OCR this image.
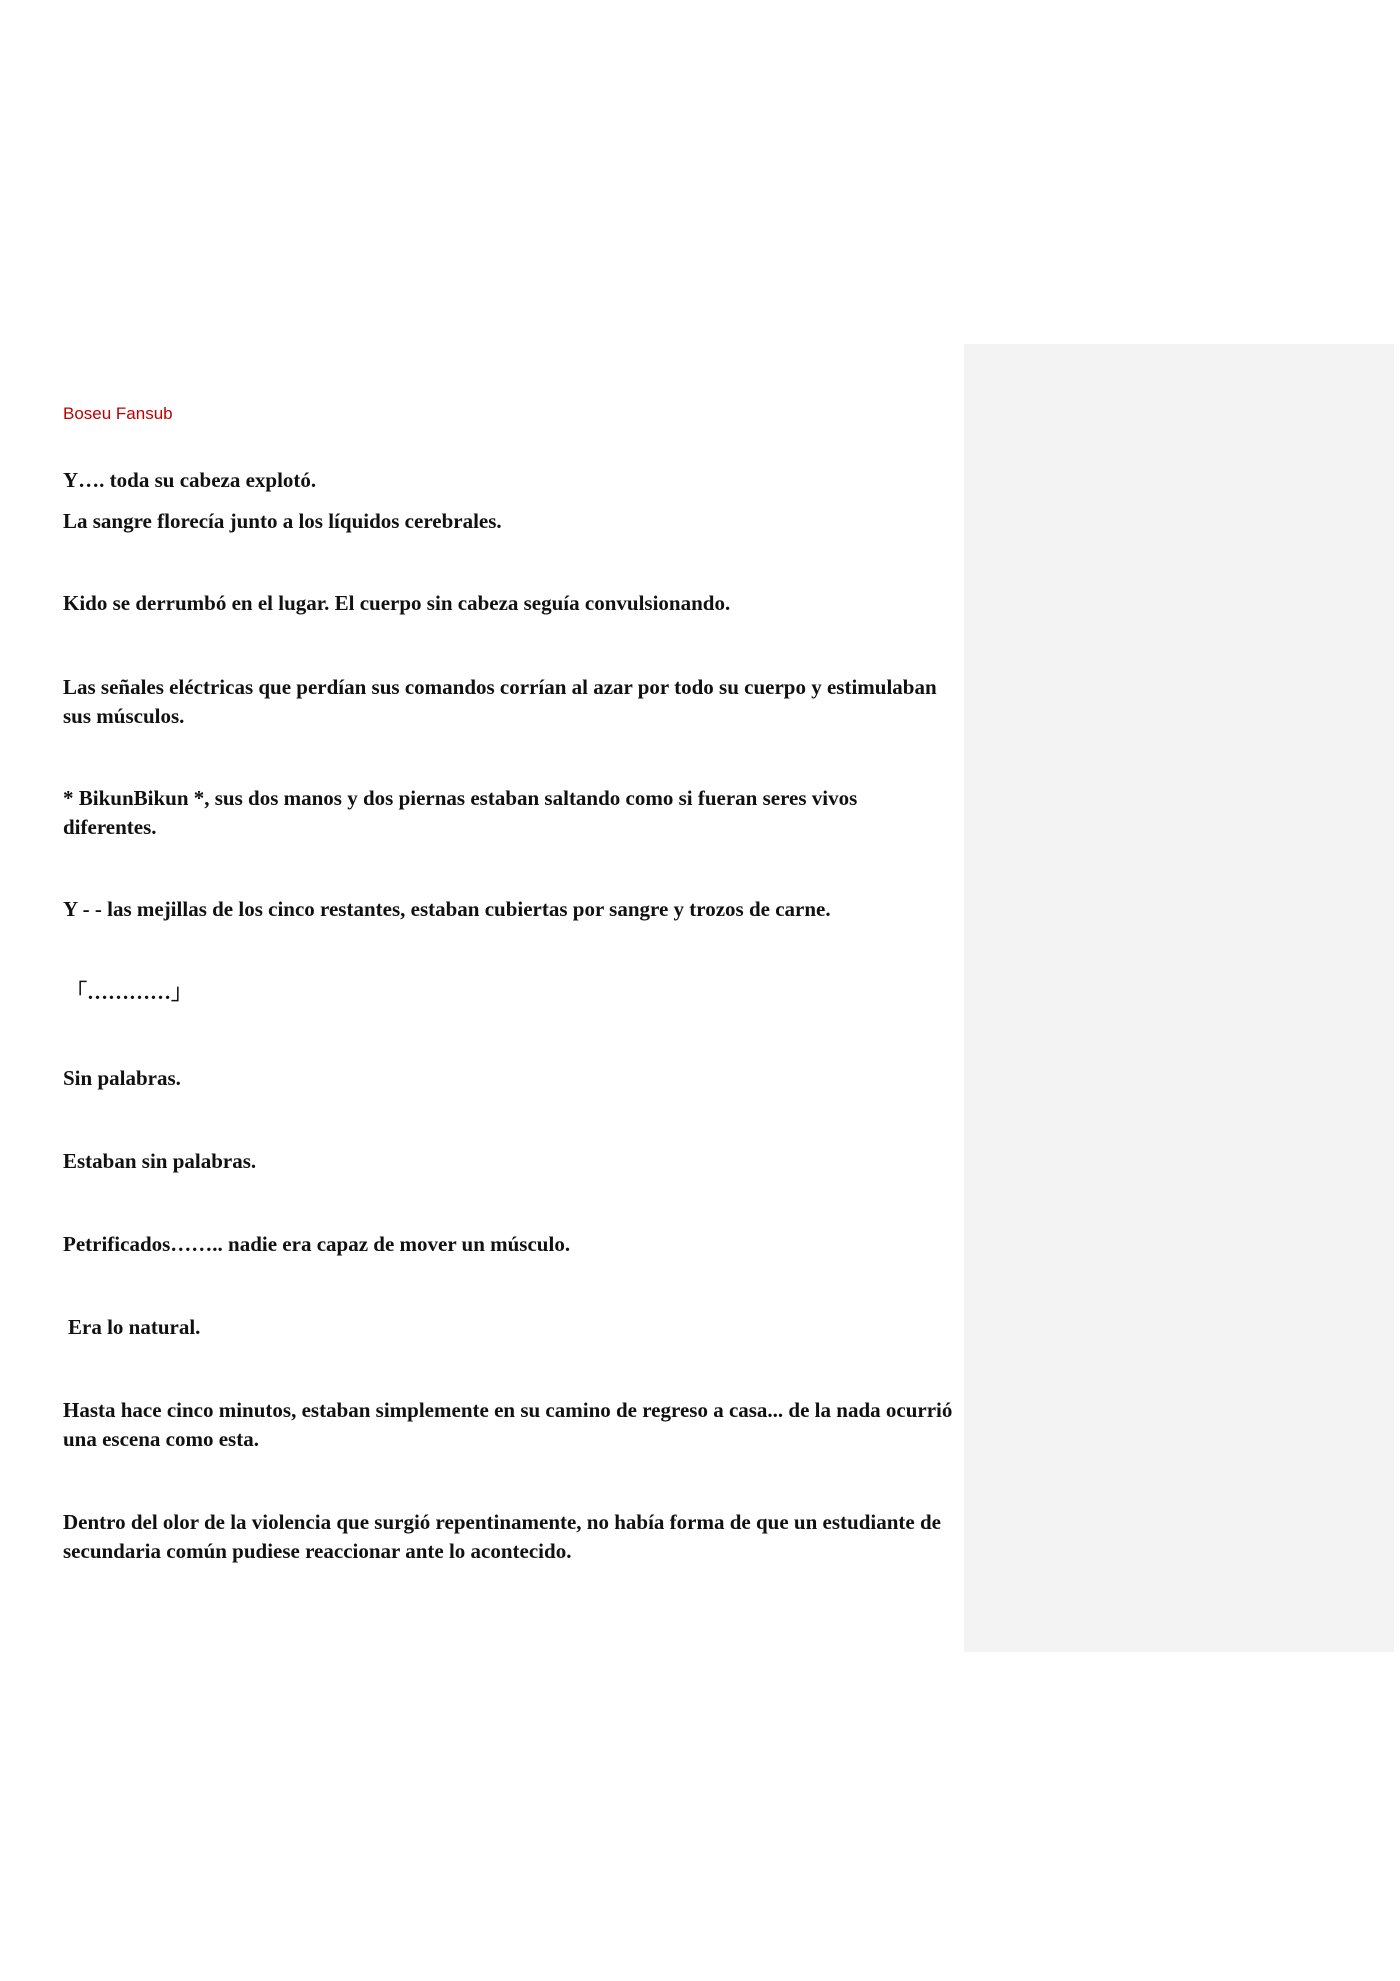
Boseu Fansub

Y…. toda su cabeza explotó.

La sangre florecía junto a los líquidos cerebrales.

Kido se derrumbó en el lugar. El cuerpo sin cabeza seguía convulsionando.

Las señales eléctricas que perdían sus comandos corrían al azar por todo su cuerpo y estimulaban sus músculos.

* BikunBikun *, sus dos manos y dos piernas estaban saltando como si fueran seres vivos diferentes.

Y - - las mejillas de los cinco restantes, estaban cubiertas por sangre y trozos de carne.

「…………」

Sin palabras.

Estaban sin palabras.

Petrificados…….. nadie era capaz de mover un músculo.

Era lo natural.

Hasta hace cinco minutos, estaban simplemente en su camino de regreso a casa... de la nada ocurrió una escena como esta.

Dentro del olor de la violencia que surgió repentinamente, no había forma de que un estudiante de secundaria común pudiese reaccionar ante lo acontecido.
